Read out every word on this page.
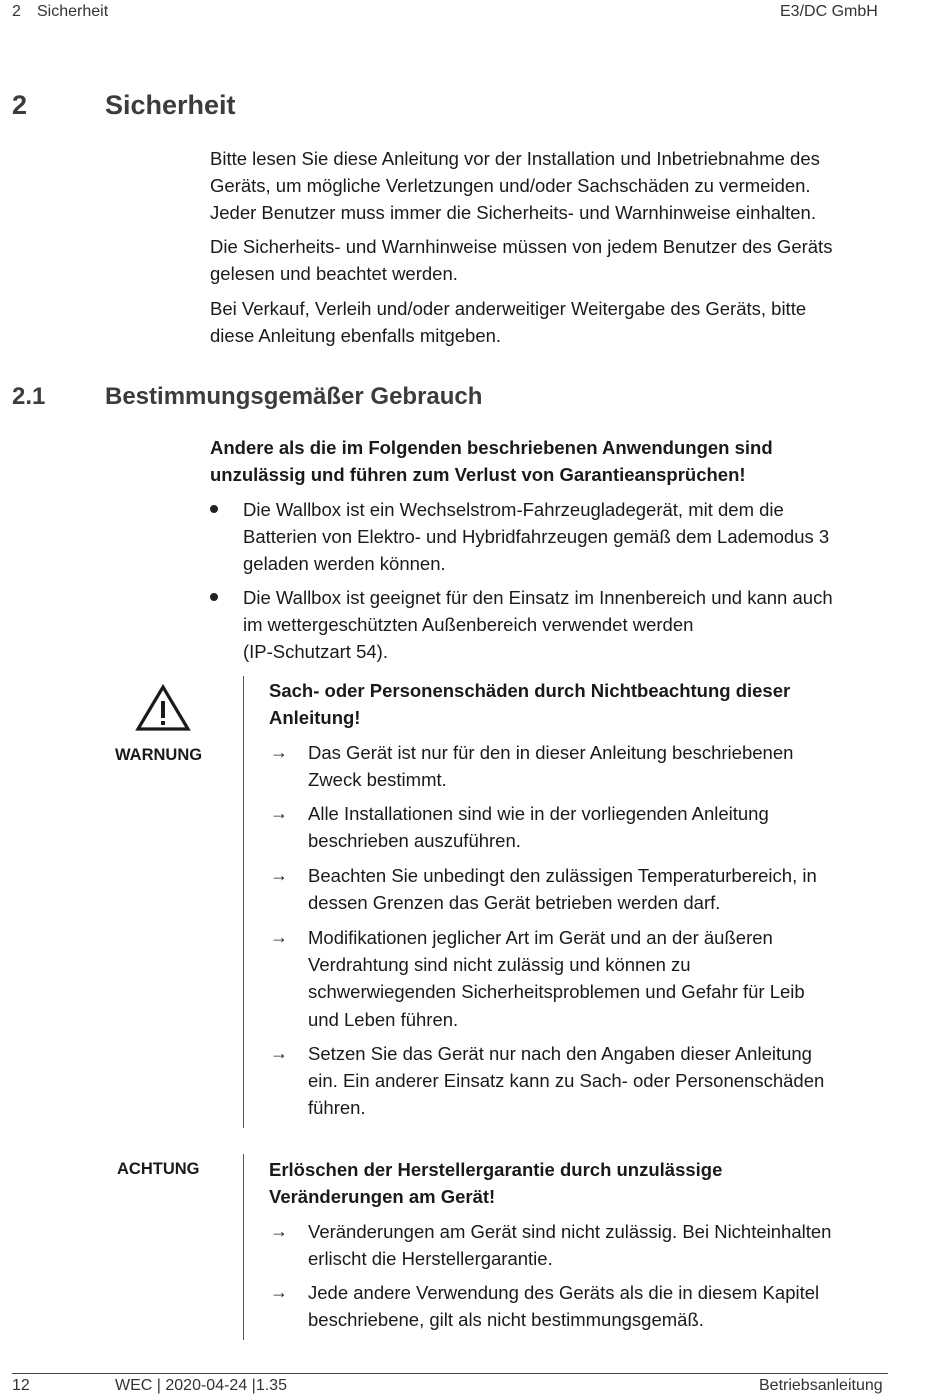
2 Sicherheit	E3/DC GmbH
2	Sicherheit

Bitte lesen Sie diese Anleitung vor der Installation und Inbetriebnahme des

Geräts, um mögliche Verletzungen und/oder Sachschäden zu vermeiden.

Jeder Benutzer muss immer die Sicherheits- und Warnhinweise einhalten.

Die Sicherheits- und Warnhinweise müssen von jedem Benutzer des Geräts

gelesen und beachtet werden.

Bei Verkauf, Verleih und/oder anderweitiger Weitergabe des Geräts, bitte

diese Anleitung ebenfalls mitgeben.

2.1 Bestimmungsgemäßer Gebrauch

Andere als die im Folgenden beschriebenen Anwendungen sind

unzulässig und führen zum Verlust von Garantieansprüchen!

Die Wallbox ist ein Wechselstrom-Fahrzeugladegerät, mit dem die

Batterien von Elektro- und Hybridfahrzeugen gemäß dem Lademodus 3

geladen werden können.

Die Wallbox ist geeignet für den Einsatz im Innenbereich und kann auch

im wettergeschützten Außenbereich verwendet werden

(IP-Schutzart 54).

WARNUNG

Sach- oder Personenschäden durch Nichtbeachtung dieser

Anleitung!

→ Das Gerät ist nur für den in dieser Anleitung beschriebenen

Zweck bestimmt.

→ Alle Installationen sind wie in der vorliegenden Anleitung

beschrieben auszuführen.

→ Beachten Sie unbedingt den zulässigen Temperaturbereich, in

dessen Grenzen das Gerät betrieben werden darf.

→ Modifikationen jeglicher Art im Gerät und an der äußeren

Verdrahtung sind nicht zulässig und können zu

schwerwiegenden Sicherheitsproblemen und Gefahr für Leib

und Leben führen.

→ Setzen Sie das Gerät nur nach den Angaben dieser Anleitung

ein. Ein anderer Einsatz kann zu Sach- oder Personenschäden

führen.

ACHTUNG	Erlöschen der Herstellergarantie durch unzulässige

Veränderungen am Gerät!

→ Veränderungen am Gerät sind nicht zulässig. Bei Nichteinhalten

erlischt die Herstellergarantie.

→ Jede andere Verwendung des Geräts als die in diesem Kapitel

beschriebene, gilt als nicht bestimmungsgemäß.

12	WEC | 2020-04-24 |1.35	Betriebsanleitung
